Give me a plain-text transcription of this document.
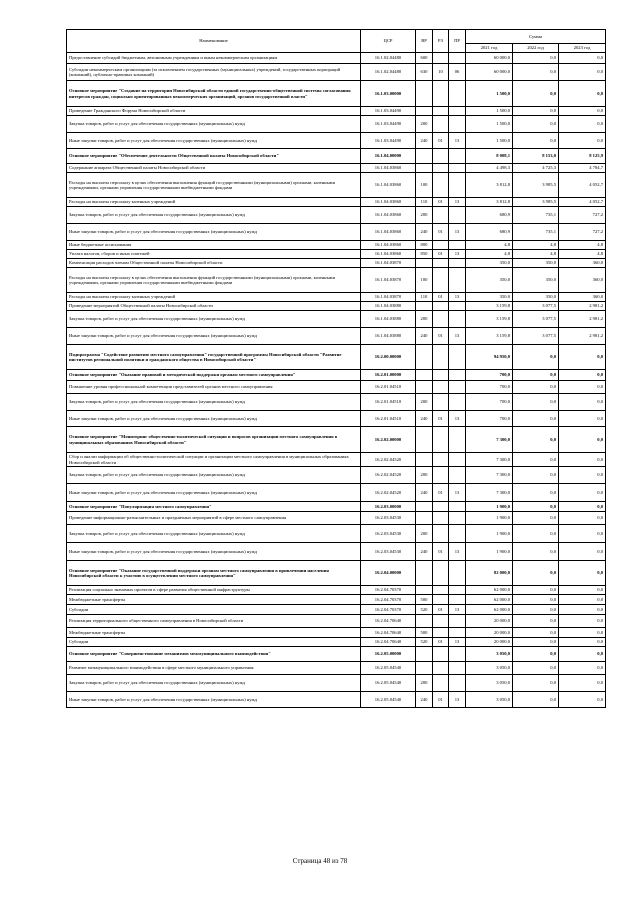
Наименование	ЦСР	ВР	РЗ	ПР	Сумма		
					2021 год	2022 год	2023 год
Предоставление субсидий бюджетным, автономным учреждениям и иным некоммерческим организациям	16.1.02.04480	600			60 000,0	0,0	0,0
Субсидии некоммерческим организациям (за исключением государственных (муниципальных) учреждений, государственных корпораций (компаний), публично-правовых компаний)	16.1.02.04480	630	10	06	60 000,0	0,0	0,0
Основное мероприятие "Создание на территории Новосибирской области единой государственно-общественной системы согласования интересов граждан, социально ориентированных некоммерческих организаций, органов государственной власти"	16.1.03.00000				1 500,0	0,0	0,0
Проведение Гражданского Форума Новосибирской области	16.1.03.04490				1 500,0	0,0	0,0
Закупка товаров, работ и услуг для обеспечения государственных (муниципальных) нужд	16.1.03.04490	200			1 500,0	0,0	0,0
Иные закупки товаров, работ и услуг для обеспечения государственных (муниципальных) нужд	16.1.03.04490	240	01	13	1 500,0	0,0	0,0
Основное мероприятие "Обеспечение деятельности Общественной палаты Новосибирской области"	16.1.04.00000				8 008,1	8 153,0	8 125,9
Содержание аппарата Общественной палаты Новосибирской области	16.1.04.03860				4 498,3	4 725,3	4 784,7
Расходы на выплаты персоналу в целях обеспечения выполнения функций государственными (муниципальными) органами, казенными учреждениями, органами управления государственными внебюджетными фондами	16.1.04.03860	100			3 812,8	3 985,5	4 052,7
Расходы на выплаты персоналу казенных учреждений	16.1.04.03860	110	01	13	3 812,8	3 985,5	4 052,7
Закупка товаров, работ и услуг для обеспечения государственных (муниципальных) нужд	16.1.04.03860	200			680,9	735,1	727,2
Иные закупки товаров, работ и услуг для обеспечения государственных (муниципальных) нужд	16.1.04.03860	240	01	13	680,9	735,1	727,2
Иные бюджетные ассигнования	16.1.04.03860	800			4,8	4,8	4,8
Уплата налогов, сборов и иных платежей	16.1.04.03860	850	01	13	4,8	4,8	4,8
Компенсация расходов членам Общественной палаты Новосибирской области	16.1.04.03870				350,0	350,0	360,0
Расходы на выплаты персоналу в целях обеспечения выполнения функций государственными (муниципальными) органами, казенными учреждениями, органами управления государственными внебюджетными фондами	16.1.04.03870	100			350,0	350,0	360,0
Расходы на выплаты персоналу казенных учреждений	16.1.04.03870	110	01	13	350,0	350,0	360,0
Проведение мероприятий Общественной палаты Новосибирской области	16.1.04.03880				3 159,8	3 077,5	2 981,2
Закупка товаров, работ и услуг для обеспечения государственных (муниципальных) нужд	16.1.04.03880	200			3 159,8	3 077,5	2 981,2
Иные закупки товаров, работ и услуг для обеспечения государственных (муниципальных) нужд	16.1.04.03880	240	01	13	3 159,8	3 077,5	2 981,2
Подпрограмма "Содействие развитию местного самоуправления" государственной программы Новосибирской области "Развитие институтов региональной политики и гражданского общества в Новосибирской области"	16.2.00.00000				94 950,0	0,0	0,0
Основное мероприятие "Оказание правовой и методической поддержки органам местного самоуправления"	16.2.01.00000				700,0	0,0	0,0
Повышение уровня профессиональной компетенции представителей органов местного самоуправления	16.2.01.04510				700,0	0,0	0,0
Закупка товаров, работ и услуг для обеспечения государственных (муниципальных) нужд	16.2.01.04510	200			700,0	0,0	0,0
Иные закупки товаров, работ и услуг для обеспечения государственных (муниципальных) нужд	16.2.01.04510	240	01	13	700,0	0,0	0,0
Основное мероприятие "Мониторинг общественно-политической ситуации и вопросов организации местного самоуправления в муниципальных образованиях Новосибирской области"	16.2.02.00000				7 300,0	0,0	0,0
Сбор и анализ информации об общественно-политической ситуации и организации местного самоуправления в муниципальных образованиях Новосибирской области	16.2.02.04520				7 300,0	0,0	0,0
Закупка товаров, работ и услуг для обеспечения государственных (муниципальных) нужд	16.2.02.04520	200			7 300,0	0,0	0,0
Иные закупки товаров, работ и услуг для обеспечения государственных (муниципальных) нужд	16.2.02.04520	240	01	13	7 300,0	0,0	0,0
Основное мероприятие "Популяризация местного самоуправления"	16.2.03.00000				1 900,0	0,0	0,0
Проведение информационно-разъяснительных и праздничных мероприятий в сфере местного самоуправления	16.2.03.04530				1 900,0	0,0	0,0
Закупка товаров, работ и услуг для обеспечения государственных (муниципальных) нужд	16.2.03.04530	200			1 900,0	0,0	0,0
Иные закупки товаров, работ и услуг для обеспечения государственных (муниципальных) нужд	16.2.03.04530	240	01	13	1 900,0	0,0	0,0
Основное мероприятие "Оказание государственной поддержки органам местного самоуправления в привлечении населения Новосибирской области к участию в осуществлении местного самоуправления"	16.2.04.00000				82 000,0	0,0	0,0
Реализация социально значимых проектов в сфере развития общественной инфраструктуры	16.2.04.70370				62 000,0	0,0	0,0
Межбюджетные трансферты	16.2.04.70370	500			62 000,0	0,0	0,0
Субсидии	16.2.04.70370	520	01	13	62 000,0	0,0	0,0
Реализация территориального общественного самоуправления в Новосибирской области	16.2.04.70640				20 000,0	0,0	0,0
Межбюджетные трансферты	16.2.04.70640	500			20 000,0	0,0	0,0
Субсидии	16.2.04.70640	520	01	13	20 000,0	0,0	0,0
Основное мероприятие "Совершенствование механизмов межмуниципального взаимодействия"	16.2.05.00000				3 050,0	0,0	0,0
Развитие межмуниципального взаимодействия в сфере местного муниципального управления	16.2.05.04540				3 050,0	0,0	0,0
Закупка товаров, работ и услуг для обеспечения государственных (муниципальных) нужд	16.2.05.04540	200			3 050,0	0,0	0,0
Иные закупки товаров, работ и услуг для обеспечения государственных (муниципальных) нужд	16.2.05.04540	240	01	13	3 050,0	0,0	0,0
Страница 48 из 78
